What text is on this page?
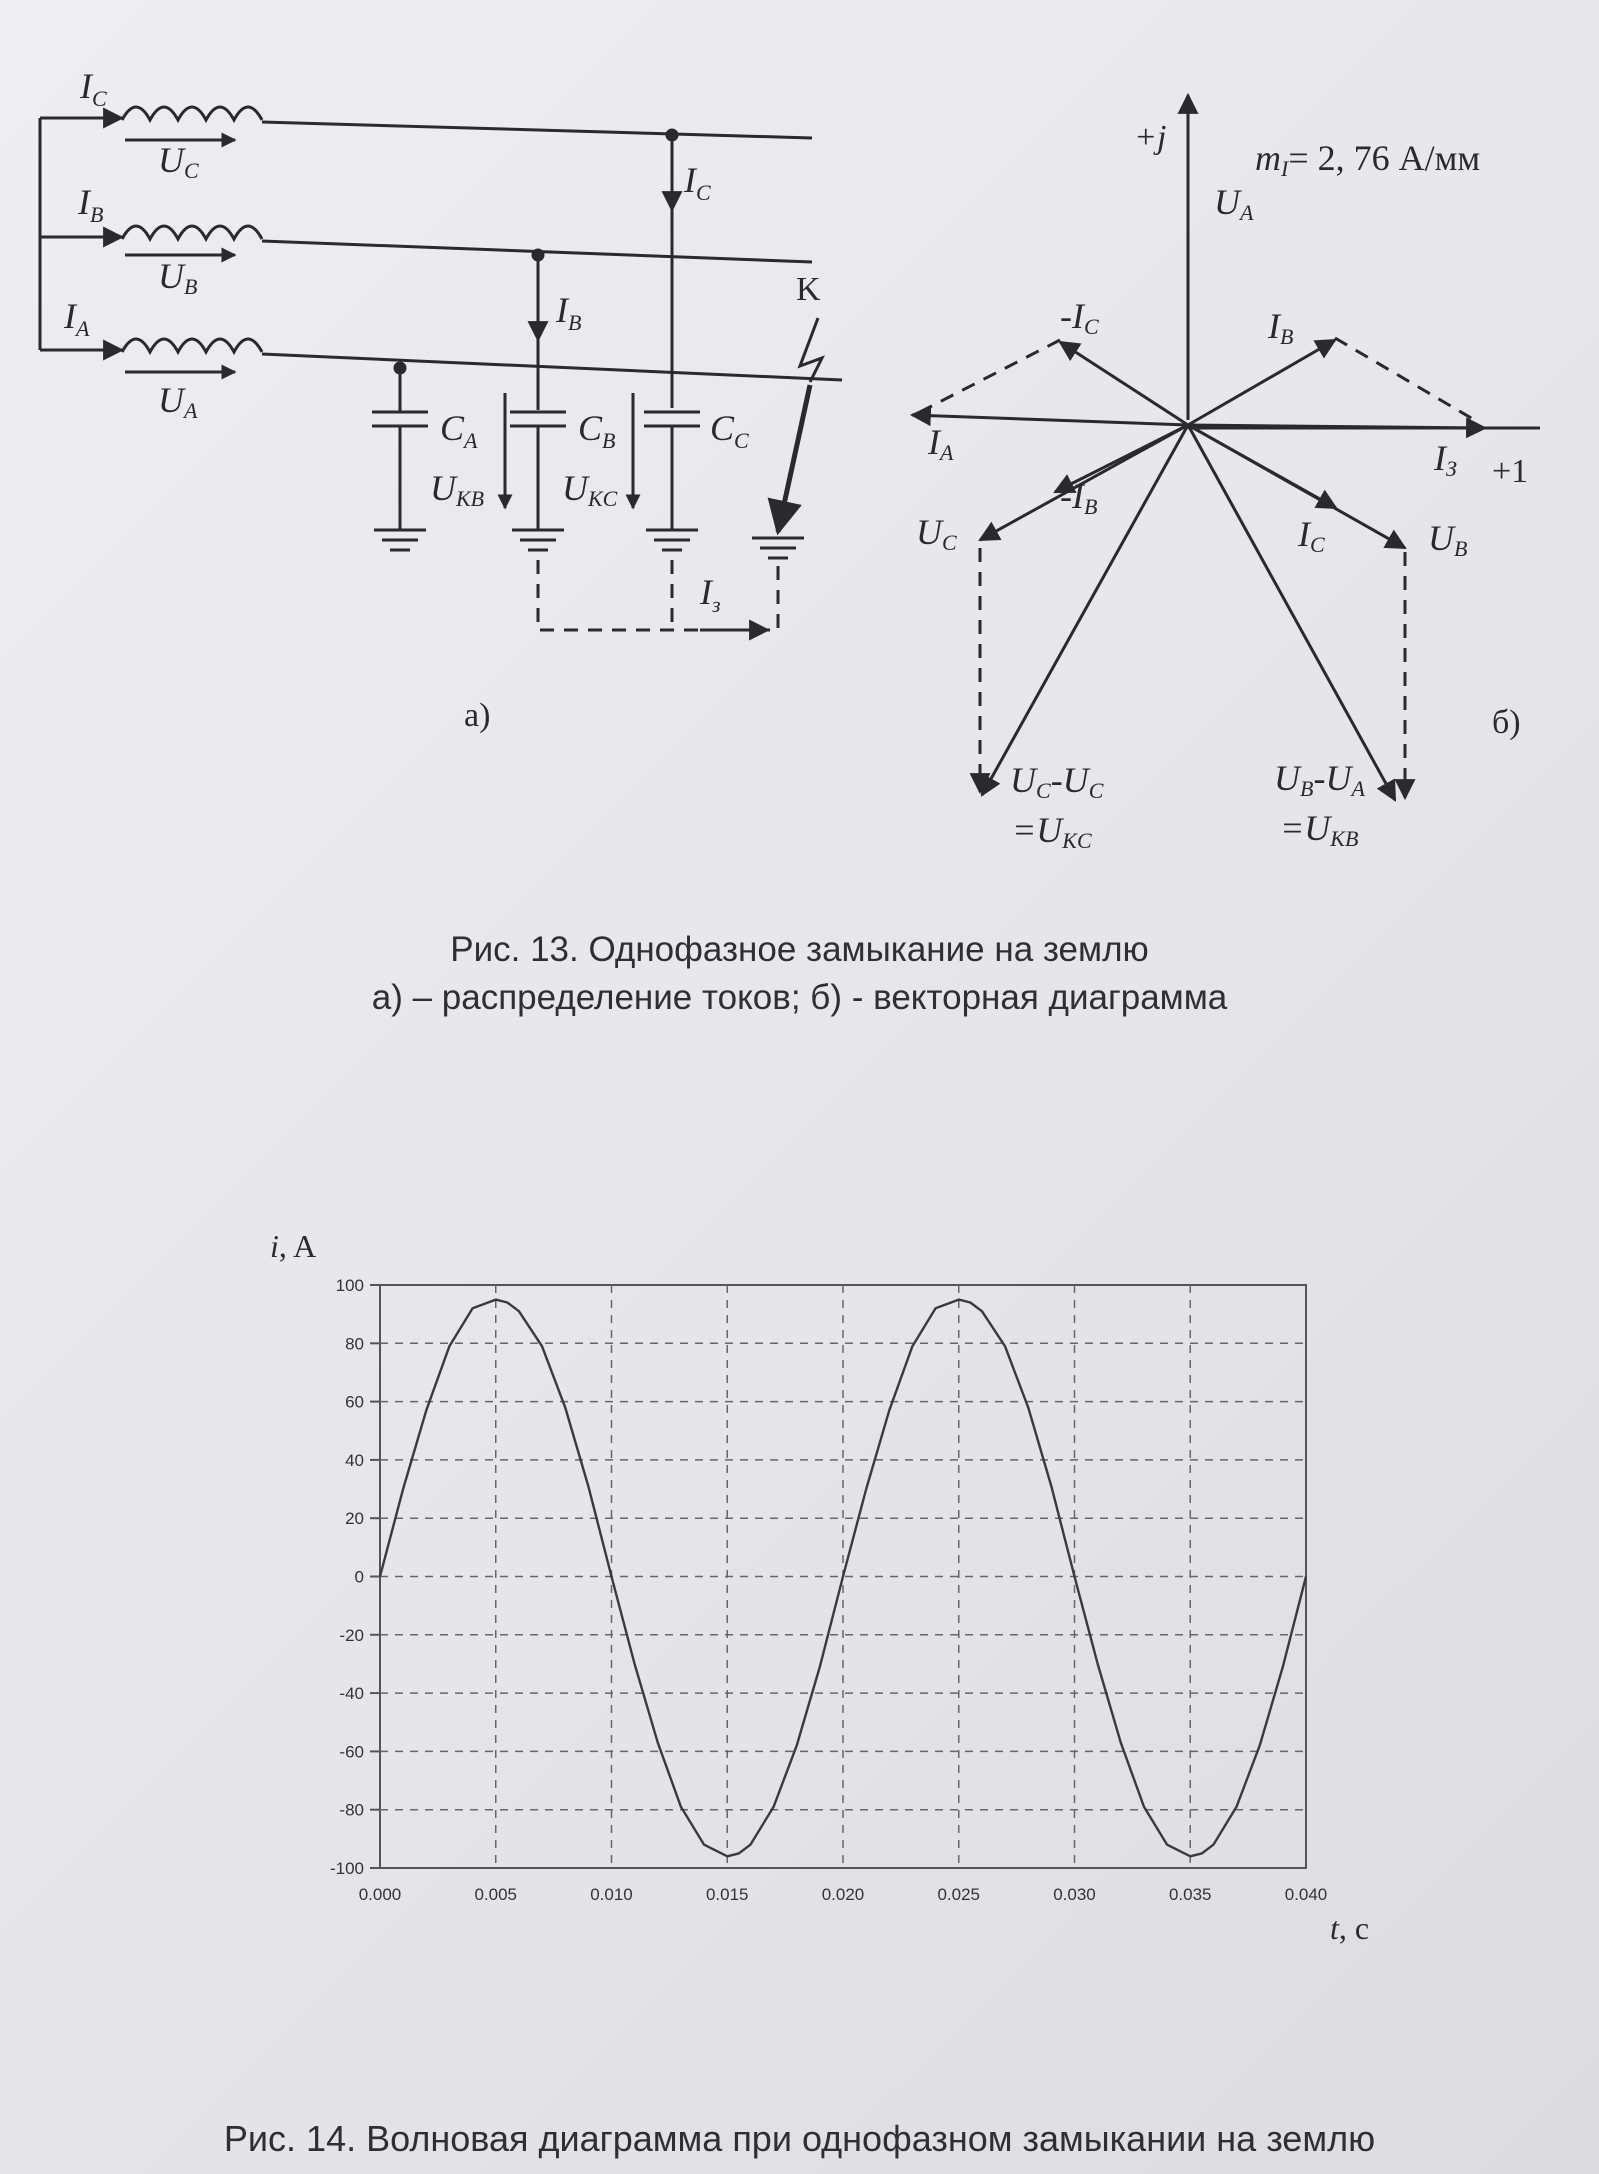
$I_C$
$I_B$
$I_A$
UC
UB
UA
$I_C$
$I_B$
$C_A$	$C_B$	$C_C$
UKB UKC
K
$I_з$
а)
+j
+1
mI= 2, 76 А/мм
UA
-IC	IB
IA	IЗ
-IB
UC	IC	UB
UC-UC
=UKC
UB-UA
=UKB
б)
0.000	0.005	0.010	0.015	0.020	0.025	0.030	0.035	0.040
100
80
60
40
20
0
-20
-40
-60
-80
-100
Рис. 13. Однофазное замыкание на землю
а) – распределение токов; б) - векторная диаграмма
i, A
t, c
Рис. 14. Волновая диаграмма при однофазном замыкании на землю
